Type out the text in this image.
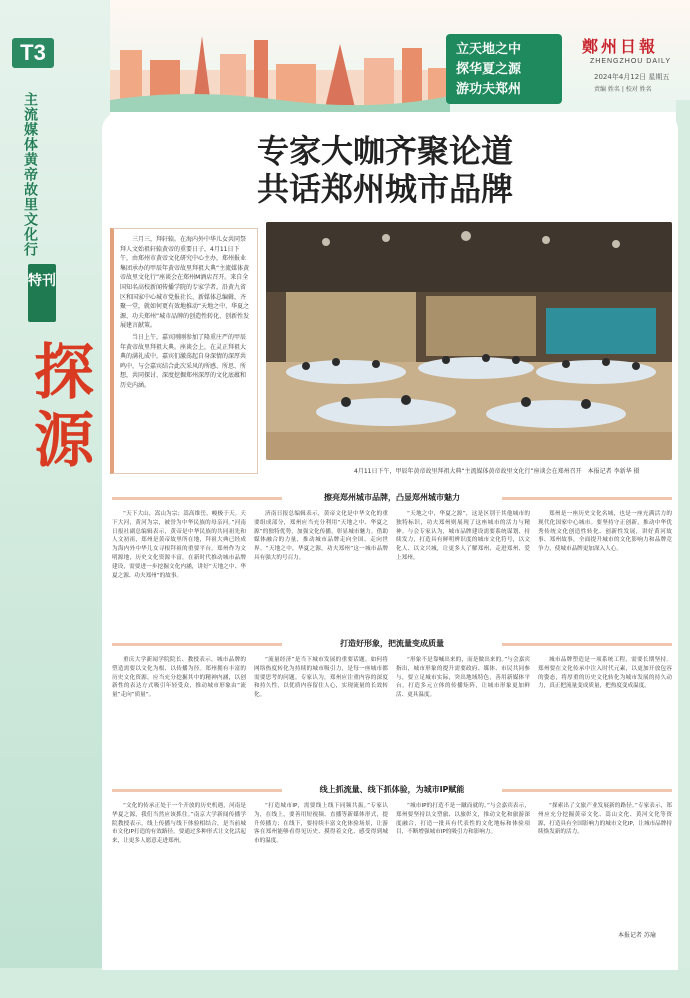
T3
主流媒体黄帝故里文化行
特刊
探源
立天地之中
探华夏之源
游功夫郑州
鄭州日報
ZHENGZHOU DAILY
2024年4月12日 星期五
责编 姓名 | 校对 姓名
专家大咖齐聚论道
共话郑州城市品牌

三月三，拜轩辕。在海内外中华儿女共同祭拜人文始祖轩辕黄帝的重要日子，4月11日下午，由郑州市黄帝文化研究中心主办，郑州报业集团承办的甲辰年黄帝故里拜祖大典“主流媒体黄帝故里文化行”座谈会在郑州M酒店召开。来自全国知名高校新闻传播学院的专家学者，沿黄九省区和国家中心城市党报社长、新媒体总编辑，齐聚一堂，就如何更有效地推动“天地之中、华夏之源、功夫郑州”城市品牌的创造性转化、创新性发展建言献策。

当日上午，嘉宾刚刚参加了隆重庄严的甲辰年黄帝故里拜祖大典。座谈会上，在灵正拜祖大典的满礼成中，嘉宾们激荡起自身深情的深厚共鸣中，与会嘉宾结合此次采风的所感、所思、所想，共同探讨、深度挖掘郑州深厚的文化底蕴和历史内涵。

4月11日下午，甲辰年黄帝故里拜祖大典“主流媒体黄帝故里文化行”座谈会在郑州召开　本报记者 李新华 摄
擦亮郑州城市品牌，凸显郑州城市魅力

“天下大山，嵩山为宗；嵩高维岳，峻极于天。天下大河，黄河为宗，被誉为中华民族的母亲河。”河南日报社副总编辑表示，黄帝是中华民族的共同祖先和人文初祖，郑州是黄帝故里所在地，拜祖大典已经成为海内外中华儿女寻根拜祖的重要平台。郑州作为文明源地，历史文化资源丰富，在新时代推动城市品牌建设，需要进一步挖掘文化内涵，讲好“天地之中、华夏之源、功夫郑州”的故事。

济南日报总编辑表示，黄帝文化是中华文化的重要组成部分，郑州应当充分利用“天地之中、华夏之源”的独特优势，加强文化传播，彰显城市魅力。借助媒体融合的力量，推动城市品牌走向全国、走向世界。“天地之中，华夏之源，功夫郑州”这一城市品牌具有强大的号召力。

“天地之中，华夏之源”，这是区别于其他城市的独特标识，功夫郑州则展现了这座城市的活力与精神。与会专家认为，城市品牌建设需要系统谋划、持续发力，打造具有鲜明辨识度的城市文化符号，以文化人、以文兴城，让更多人了解郑州、走进郑州、爱上郑州。

郑州是一座历史文化名城，也是一座充满活力的现代化国家中心城市。要坚持守正创新，推动中华优秀传统文化创造性转化、创新性发展，讲好黄河故事、郑州故事，全面提升城市的文化影响力和品牌竞争力，使城市品牌更加深入人心。

打造好形象，把流量变成质量

重庆大学新闻学院院长、教授表示，城市品牌的塑造需要以文化为根、以传播为径。郑州拥有丰富的历史文化资源，应当充分挖掘其中的精神内涵，以创新性的表达方式吸引年轻受众，推动城市形象由“流量”走向“质量”。

“流量经济”是当下城市发展的重要话题。如何将网络热度转化为持续的城市吸引力，是每一座城市都需要思考的问题。专家认为，郑州应注重内容的深度和持久性，以优质内容留住人心，实现流量的长效转化。

“形象不是靠喊出来的，而是做出来的。”与会嘉宾指出，城市形象的提升需要政府、媒体、市民共同参与，要立足城市实际，突出地域特色，善用新媒体平台，打造多元立体的传播矩阵，让城市形象更加鲜活、更具温度。

城市品牌塑造是一项系统工程，需要长期坚持。郑州要在文化传承中注入时代元素，以更加开放包容的姿态，将厚重的历史文化转化为城市发展的持久动力，真正把流量变成质量，把热度变成温度。

线上抓流量、线下抓体验，为城市IP赋能

“文化的传承正处于一个开放的历史机遇，河南是华夏之源，我们当然应该抓住。”南京大学新闻传播学院教授表示，线上传播与线下体验相结合，是当前城市文化IP打造的有效路径。要通过多种形式让文化活起来，让更多人愿意走进郑州。

“打造城市IP，需要线上线下同频共振。”专家认为，在线上，要善用短视频、直播等新媒体形式，提升传播力；在线下，要持续丰富文化体验场景，让游客在郑州能够看得见历史、摸得着文化、感受得到城市的温度。

“城市IP的打造不是一蹴而就的。”与会嘉宾表示，郑州要坚持以文塑旅、以旅彰文，推动文化和旅游深度融合，打造一批具有代表性的文化地标和体验项目，不断增强城市IP的吸引力和影响力。

“探索出了文旅产业发展新的路径。”专家表示，郑州应充分挖掘黄帝文化、嵩山文化、黄河文化等资源，打造具有全国影响力的城市文化IP，让城市品牌持续焕发新的活力。

本报记者 苏瑜
